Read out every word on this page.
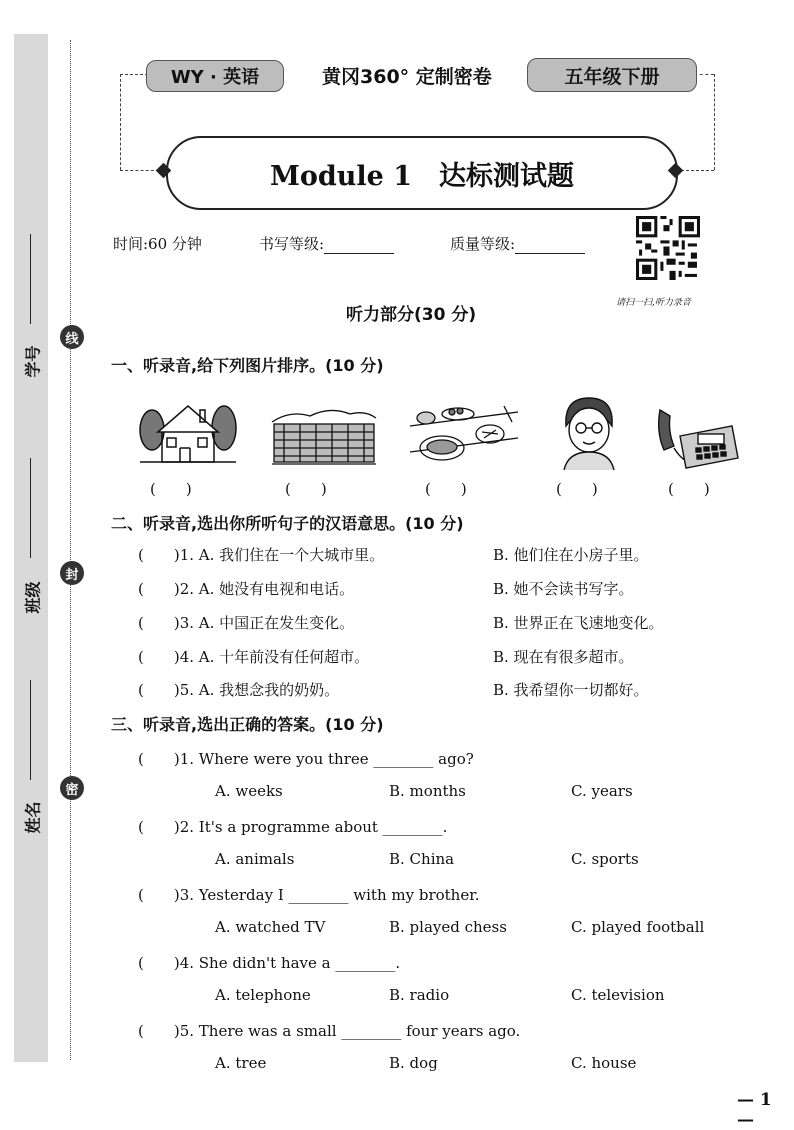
学号
班级
姓名
线
封
密
WY · 英语	黄冈360° 定制密卷	五年级下册
Module 1　达标测试题
时间:60 分钟	书写等级:	质量等级:
请扫一扫,听力录音
听力部分(30 分)
一、听录音,给下列图片排序。(10 分)
(　　)	(　　)	(　　)	(　　)	(　　)
二、听录音,选出你所听句子的汉语意思。(10 分)
(　　)1. A. 我们住在一个大城市里。	B. 他们住在小房子里。
(　　)2. A. 她没有电视和电话。	B. 她不会读书写字。
(　　)3. A. 中国正在发生变化。	B. 世界正在飞速地变化。
(　　)4. A. 十年前没有任何超市。	B. 现在有很多超市。
(　　)5. A. 我想念我的奶奶。	B. 我希望你一切都好。
三、听录音,选出正确的答案。(10 分)
(　　)1. Where were you three ________ ago?
A. weeks	B. months	C. years
(　　)2. It's a programme about ________.
A. animals	B. China	C. sports
(　　)3. Yesterday I ________ with my brother.
A. watched TV	B. played chess	C. played football
(　　)4. She didn't have a ________.
A. telephone	B. radio	C. television
(　　)5. There was a small ________ four years ago.
A. tree	B. dog	C. house
— 1 —
